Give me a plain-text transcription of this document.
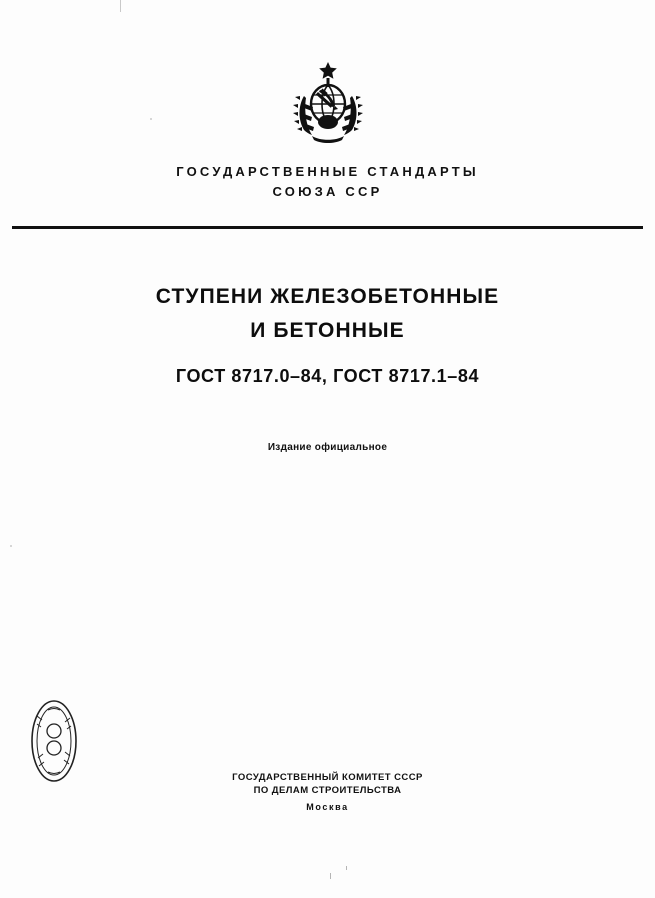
ГОСУДАРСТВЕННЫЕ СТАНДАРТЫ
СОЮЗА ССР
СТУПЕНИ ЖЕЛЕЗОБЕТОННЫЕ
И БЕТОННЫЕ
ГОСТ 8717.0–84, ГОСТ 8717.1–84
Издание официальное
ГОСУДАРСТВЕННЫЙ КОМИТЕТ СССР
ПО ДЕЛАМ СТРОИТЕЛЬСТВА
Москва
